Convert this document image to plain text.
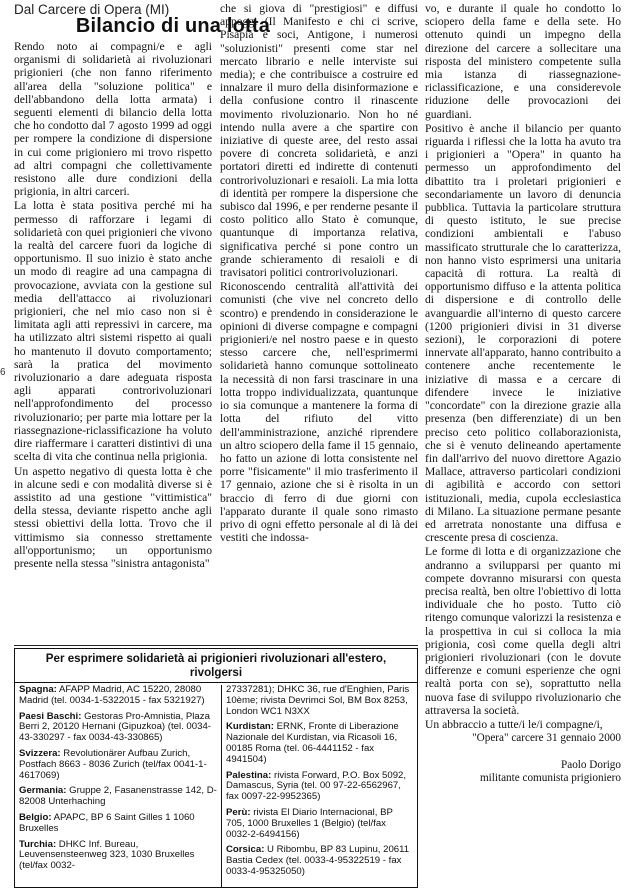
Dal Carcere di Opera (MI)
Bilancio di una lotta
6

Rendo noto ai compagni/e e agli organismi di solidarietà ai rivoluzionari prigionieri (che non fanno riferimento all'area della "soluzione politica" e dell'abbandono della lotta armata) i seguenti elementi di bilancio della lotta che ho condotto dal 7 agosto 1999 ad oggi per rompere la condizione di dispersione in cui come prigioniero mi trovo rispetto ad altri compagni che collettivamente resistono alle dure condizioni della prigionia, in altri carceri.

La lotta è stata positiva perché mi ha permesso di rafforzare i legami di solidarietà con quei prigionieri che vivono la realtà del carcere fuori da logiche di opportunismo. Il suo inizio è stato anche un modo di reagire ad una campagna di provocazione, avviata con la gestione sul media dell'attacco ai rivoluzionari prigionieri, che nel mio caso non si è limitata agli atti repressivi in carcere, ma ha utilizzato altri sistemi rispetto ai quali ho mantenuto il dovuto comportamento; sarà la pratica del movimento rivoluzionario a dare adeguata risposta agli apparati controrivoluzionari nell'approfondimento del processo rivoluzionario; per parte mia lottare per la riassegnazione-riclassificazione ha voluto dire riaffermare i caratteri distintivi di una scelta di vita che continua nella prigionia.

Un aspetto negativo di questa lotta è che in alcune sedi e con modalità diverse si è assistito ad una gestione "vittimistica" della stessa, deviante rispetto anche agli stessi obiettivi della lotta. Trovo che il vittimismo sia connesso strettamente all'opportunismo; un opportunismo presente nella stessa "sinistra antagonista"

che si giova di "prestigiosi" e diffusi appoggi (Il Manifesto e chi ci scrive, Pisapia e soci, Antigone, i numerosi "soluzionisti" presenti come star nel mercato librario e nelle interviste sui media); e che contribuisce a costruire ed innalzare il muro della disinformazione e della confusione contro il rinascente movimento rivoluzionario. Non ho né intendo nulla avere a che spartire con iniziative di queste aree, del resto assai povere di concreta solidarietà, e anzi portatori diretti ed indirette di contenuti controrivoluzionari e resaioli. La mia lotta di identità per rompere la dispersione che subisco dal 1996, e per renderne pesante il costo politico allo Stato è comunque, quantunque di importanza relativa, significativa perché si pone contro un grande schieramento di resaioli e di travisatori politici controrivoluzionari.

Riconoscendo centralità all'attività dei comunisti (che vive nel concreto dello scontro) e prendendo in considerazione le opinioni di diverse compagne e compagni prigionieri/e nel nostro paese e in questo stesso carcere che, nell'esprimermi solidarietà hanno comunque sottolineato la necessità di non farsi trascinare in una lotta troppo individualizzata, quantunque io sia comunque a mantenere la forma di lotta del rifiuto del vitto dell'amministrazione, anziché riprendere un altro sciopero della fame il 15 gennaio, ho fatto un azione di lotta consistente nel porre "fisicamente" il mio trasferimento il 17 gennaio, azione che si è risolta in un braccio di ferro di due giorni con l'apparato durante il quale sono rimasto privo di ogni effetto personale al di là dei vestiti che indossa-

vo, e durante il quale ho condotto lo sciopero della fame e della sete. Ho ottenuto quindi un impegno della direzione del carcere a sollecitare una risposta del ministero competente sulla mia istanza di riassegnazione-riclassificazione, e una considerevole riduzione delle provocazioni dei guardiani.

Positivo è anche il bilancio per quanto riguarda i riflessi che la lotta ha avuto tra i prigionieri a "Opera" in quanto ha permesso un approfondimento del dibattito tra i proletari prigionieri e secondariamente un lavoro di denuncia pubblica. Tuttavia la particolare struttura di questo istituto, le sue precise condizioni ambientali e l'abuso massificato strutturale che lo caratterizza, non hanno visto esprimersi una unitaria capacità di rottura. La realtà di opportunismo diffuso e la attenta politica di dispersione e di controllo delle avanguardie all'interno di questo carcere (1200 prigionieri divisi in 31 diverse sezioni), le corporazioni di potere innervate all'apparato, hanno contribuito a contenere anche recentemente le iniziative di massa e a cercare di difendere invece le iniziative "concordate" con la direzione grazie alla presenza (ben differenziate) di un ben preciso ceto politico collaborazionista, che si è venuto delineando apertamente fin dall'arrivo del nuovo direttore Agazio Mallace, attraverso particolari condizioni di agibilità e accordo con settori istituzionali, media, cupola ecclesiastica di Milano. La situazione permane pesante ed arretrata nonostante una diffusa e crescente presa di coscienza.

Le forme di lotta e di organizzazione che andranno a svilupparsi per quanto mi compete dovranno misurarsi con questa precisa realtà, ben oltre l'obiettivo di lotta individuale che ho posto. Tutto ciò ritengo comunque valorizzi la resistenza e la prospettiva in cui si colloca la mia prigionia, così come quella degli altri prigionieri rivoluzionari (con le dovute differenze e comuni esperienze che ogni realtà porta con se), soprattutto nella nuova fase di sviluppo rivoluzionario che attraversa la società.

Un abbraccio a tutte/i le/i compagne/i,

"Opera" carcere 31 gennaio 2000

Paolo Dorigo
militante comunista prigioniero
Per esprimere solidarietà ai prigionieri rivoluzionari all'estero, rivolgersi
Spagna: AFAPP Madrid, AC 15220, 28080 Madrid (tel. 0034-1-5322015 - fax 5321927)
Paesi Baschi: Gestoras Pro-Amnistia, Plaza Berri 2, 20120 Hernani (Gipuzkoa) (tel. 0034-43-330297 - fax 0034-43-330865)
Svizzera: Revolutionärer Aufbau Zurich, Postfach 8663 - 8036 Zurich (tel/fax 0041-1-4617069)
Germania: Gruppe 2, Fasanenstrasse 142, D-82008 Unterhaching
Belgio: APAPC, BP 6 Saint Gilles 1 1060 Bruxelles
Turchia: DHKC Inf. Bureau, Leuvensensteenweg 323, 1030 Bruxelles (tel/fax 0032-
27337281); DHKC 36, rue d'Enghien, Paris 10ème; rivista Devrimci Sol, BM Box 8253, London WC1 N3XX
Kurdistan: ERNK, Fronte di Liberazione Nazionale del Kurdistan, via Ricasoli 16, 00185 Roma (tel. 06-4441152 - fax 4941504)
Palestina: rivista Forward, P.O. Box 5092, Damascus, Syria (tel. 00 97-22-6562967, fax 0097-22-9952365)
Perù: rivista El Diario Internacional, BP 705, 1000 Bruxelles 1 (Belgio) (tel/fax 0032-2-6494156)
Corsica: U Ribombu, BP 83 Lupinu, 20611 Bastia Cedex (tel. 0033-4-95322519 - fax 0033-4-95325050)
